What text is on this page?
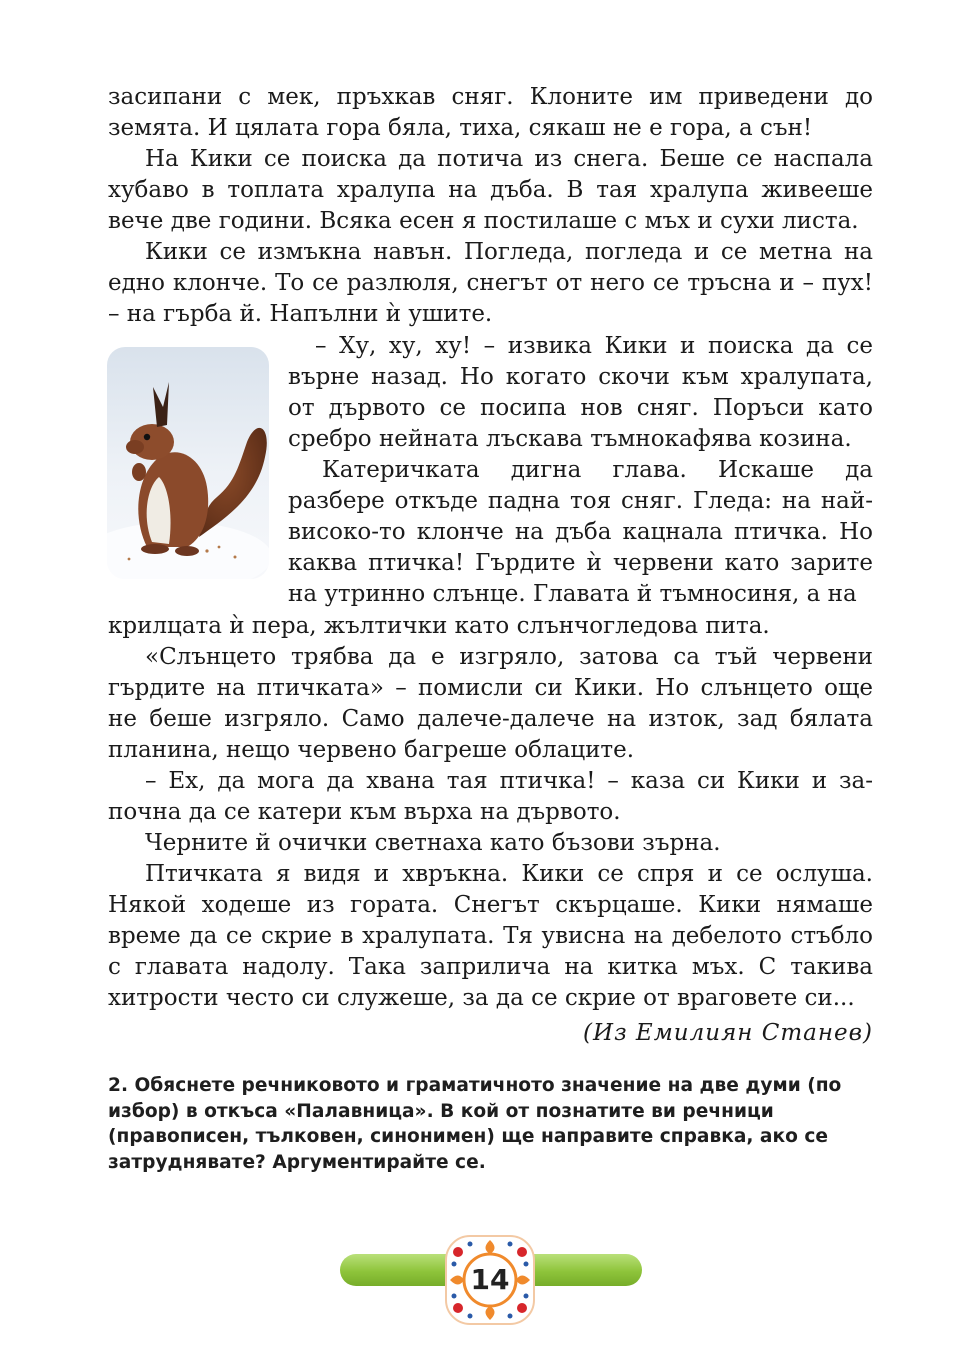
засипани с мек, пръхкав сняг. Клоните им приведени до земята. И цялата гора бяла, тиха, сякаш не е гора, а сън!

На Кики се поиска да потича из снега. Беше се наспала хубаво в топлата хралупа на дъба. В тая хралупа живееше вече две години. Всяка есен я постилаше с мъх и сухи листа.

Кики се измъкна навън. Погледа, погледа и се метна на едно клонче. То се разлюля, снегът от него се тръсна и – пух! – на гърба й. Напълни ѝ ушите.

– Ху, ху, ху! – извика Кики и поиска да се върне назад. Но когато скочи към хралупата, от дървото се посипа нов сняг. Поръси като сребро нейната лъскава тъмнокафява козина.

Катеричката дигна глава. Искаше да разбере откъде падна тоя сняг. Гледа: на най-високо-то клонче на дъба кацнала птичка. Но каква птичка! Гърдите ѝ червени като зарите на утринно слънце. Главата й тъмносиня, а на

крилцата ѝ пера, жълтички като слънчогледова пита.

«Слънцето трябва да е изгряло, затова са тъй червени гърдите на птичката» – помисли си Кики. Но слънцето още не беше изгряло. Само далече-далече на изток, зад бялата планина, нещо червено багреше облаците.

– Ех, да мога да хвана тая птичка! – каза си Кики и за-почна да се катери към върха на дървото.

Черните й очички светнаха като бъзови зърна.

Птичката я видя и хвръкна. Кики се спря и се ослуша. Някой ходеше из гората. Снегът скърцаше. Кики нямаше време да се скрие в хралупата. Тя увисна на дебелото стъбло с главата надолу. Така заприлича на китка мъх. С такива хитрости често си служеше, за да се скрие от враговете си...

(Из Емилиян Станев)
2. Обяснете речниковото и граматичното значение на две думи (по избор) в откъса «Палавница». В кой от познатите ви речници (правописен, тълковен, синонимен) ще направите справка, ако се затруднявате? Аргументирайте се.
14
